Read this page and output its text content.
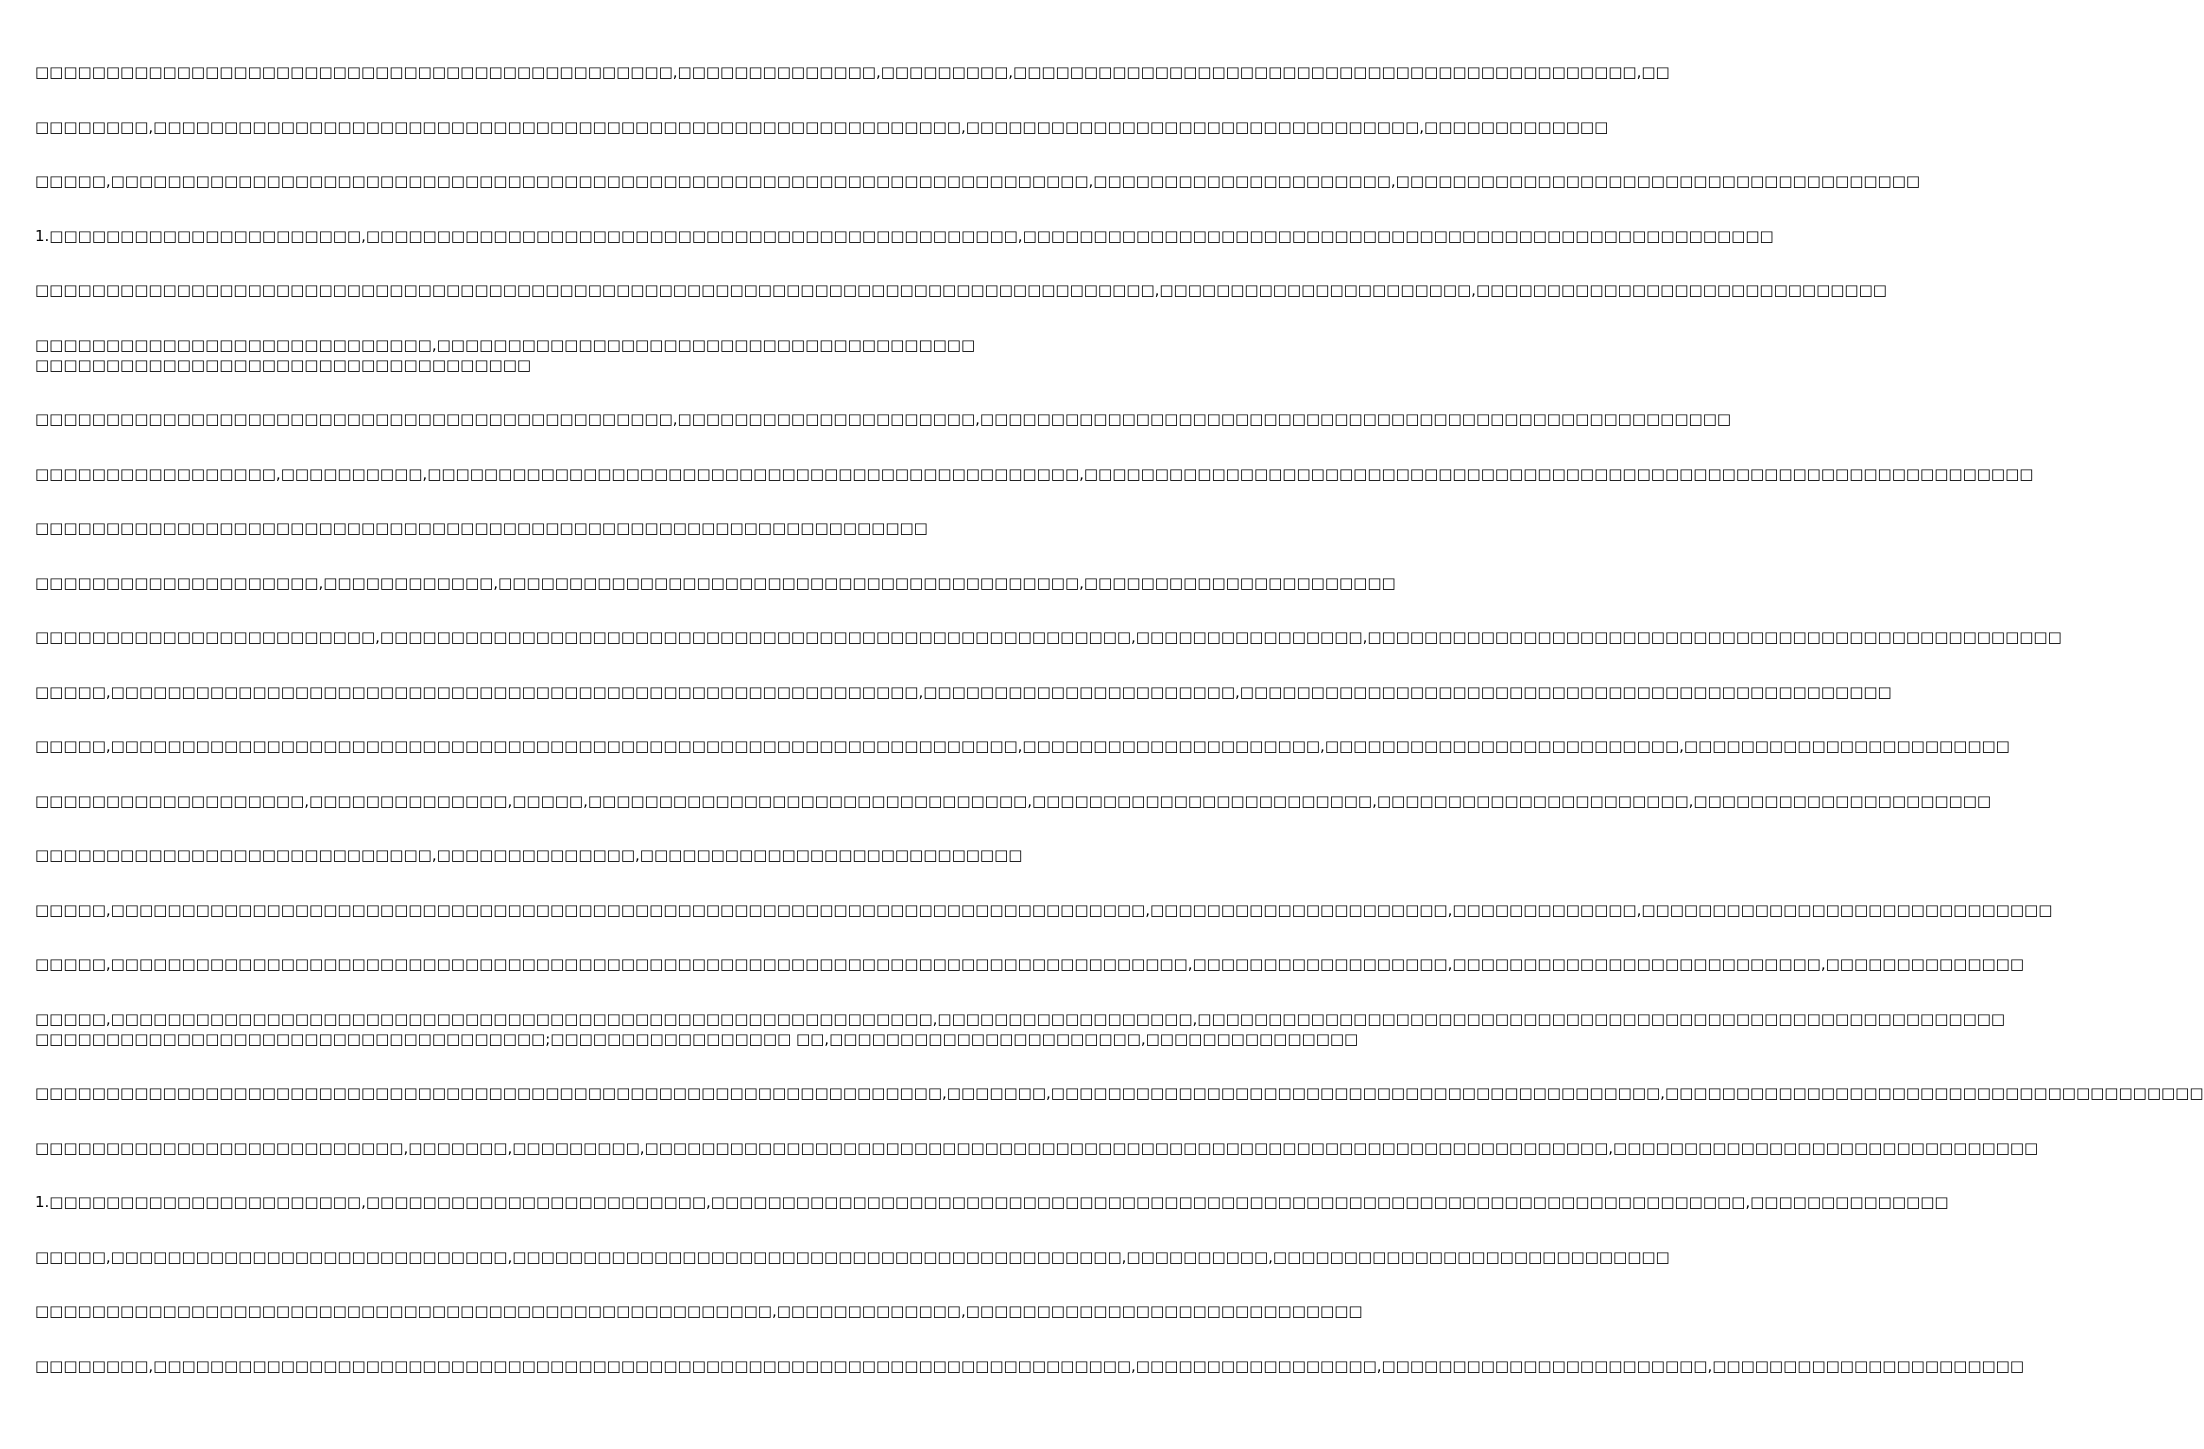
□□□□□□□□□□□□□□□□□□□□□□□□□□□□□□□□□□□□□□□□□□□□□,□□□□□□□□□□□□□□,□□□□□□□□□,□□□□□□□□□□□□□□□□□□□□□□□□□□□□□□□□□□□□□□□□□□□□,□□

□□□□□□□□,□□□□□□□□□□□□□□□□□□□□□□□□□□□□□□□□□□□□□□□□□□□□□□□□□□□□□□□□□,□□□□□□□□□□□□□□□□□□□□□□□□□□□□□□□□,□□□□□□□□□□□□□

□□□□□,□□□□□□□□□□□□□□□□□□□□□□□□□□□□□□□□□□□□□□□□□□□□□□□□□□□□□□□□□□□□□□□□□□□□□,□□□□□□□□□□□□□□□□□□□□□,□□□□□□□□□□□□□□□□□□□□□□□□□□□□□□□□□□□□□

1.□□□□□□□□□□□□□□□□□□□□□□,□□□□□□□□□□□□□□□□□□□□□□□□□□□□□□□□□□□□□□□□□□□□□□,□□□□□□□□□□□□□□□□□□□□□□□□□□□□□□□□□□□□□□□□□□□□□□□□□□□□□

□□□□□□□□□□□□□□□□□□□□□□□□□□□□□□□□□□□□□□□□□□□□□□□□□□□□□□□□□□□□□□□□□□□□□□□□□□□□□□□,□□□□□□□□□□□□□□□□□□□□□□,□□□□□□□□□□□□□□□□□□□□□□□□□□□□□

□□□□□□□□□□□□□□□□□□□□□□□□□□□□,□□□□□□□□□□□□□□□□□□□□□□□□□□□□□□□□□□□□□□□□□□□□□□□□□□□□□□□□□□□□□□□□□□□□□□□□□

□□□□□□□□□□□□□□□□□□□□□□□□□□□□□□□□□□□□□□□□□□□□□,□□□□□□□□□□□□□□□□□□□□□,□□□□□□□□□□□□□□□□□□□□□□□□□□□□□□□□□□□□□□□□□□□□□□□□□□□□□

□□□□□□□□□□□□□□□□□,□□□□□□□□□□,□□□□□□□□□□□□□□□□□□□□□□□□□□□□□□□□□□□□□□□□□□□□□□,□□□□□□□□□□□□□□□□□□□□□□□□□□□□□□□□□□□□□□□□□□□□□□□□□□□□□□□□□□□□□□□□□□□

□□□□□□□□□□□□□□□□□□□□□□□□□□□□□□□□□□□□□□□□□□□□□□□□□□□□□□□□□□□□□□□

□□□□□□□□□□□□□□□□□□□□,□□□□□□□□□□□□,□□□□□□□□□□□□□□□□□□□□□□□□□□□□□□□□□□□□□□□□□,□□□□□□□□□□□□□□□□□□□□□□

□□□□□□□□□□□□□□□□□□□□□□□□,□□□□□□□□□□□□□□□□□□□□□□□□□□□□□□□□□□□□□□□□□□□□□□□□□□□□□,□□□□□□□□□□□□□□□□,□□□□□□□□□□□□□□□□□□□□□□□□□□□□□□□□□□□□□□□□□□□□□□□□□

□□□□□,□□□□□□□□□□□□□□□□□□□□□□□□□□□□□□□□□□□□□□□□□□□□□□□□□□□□□□□□□,□□□□□□□□□□□□□□□□□□□□□□,□□□□□□□□□□□□□□□□□□□□□□□□□□□□□□□□□□□□□□□□□□□□□□

□□□□□,□□□□□□□□□□□□□□□□□□□□□□□□□□□□□□□□□□□□□□□□□□□□□□□□□□□□□□□□□□□□□□□□,□□□□□□□□□□□□□□□□□□□□□,□□□□□□□□□□□□□□□□□□□□□□□□□,□□□□□□□□□□□□□□□□□□□□□□□

□□□□□□□□□□□□□□□□□□□,□□□□□□□□□□□□□□,□□□□□,□□□□□□□□□□□□□□□□□□□□□□□□□□□□□□□,□□□□□□□□□□□□□□□□□□□□□□□□,□□□□□□□□□□□□□□□□□□□□□□,□□□□□□□□□□□□□□□□□□□□□

□□□□□□□□□□□□□□□□□□□□□□□□□□□□,□□□□□□□□□□□□□□,□□□□□□□□□□□□□□□□□□□□□□□□□□□

□□□□□,□□□□□□□□□□□□□□□□□□□□□□□□□□□□□□□□□□□□□□□□□□□□□□□□□□□□□□□□□□□□□□□□□□□□□□□□□,□□□□□□□□□□□□□□□□□□□□□,□□□□□□□□□□□□□,□□□□□□□□□□□□□□□□□□□□□□□□□□□□□

□□□□□,□□□□□□□□□□□□□□□□□□□□□□□□□□□□□□□□□□□□□□□□□□□□□□□□□□□□□□□□□□□□□□□□□□□□□□□□□□□□,□□□□□□□□□□□□□□□□□□,□□□□□□□□□□□□□□□□□□□□□□□□□□,□□□□□□□□□□□□□□

□□□□□,□□□□□□□□□□□□□□□□□□□□□□□□□□□□□□□□□□□□□□□□□□□□□□□□□□□□□□□□□□,□□□□□□□□□□□□□□□□□□,□□□□□□□□□□□□□□□□□□□□□□□□□□□□□□□□□□□□□□□□□□□□□□□□□□□□□□□□□
□□□□□□□□□□□□□□□□□□□□□□□□□□□□□□□□□□□□;□□□□□□□□□□□□□□□□□ □□,□□□□□□□□□□□□□□□□□□□□□□,□□□□□□□□□□□□□□□

□□□□□□□□□□□□□□□□□□□□□□□□□□□□□□□□□□□□□□□□□□□□□□□□□□□□□□□□□□□□□□□□,□□□□□□□,□□□□□□□□□□□□□□□□□□□□□□□□□□□□□□□□□□□□□□□□□□□,□□□□□□□□□□□□□□□□□□□□□□□□□□□□□□□□□□□□□□

□□□□□□□□□□□□□□□□□□□□□□□□□□,□□□□□□□,□□□□□□□□□,□□□□□□□□□□□□□□□□□□□□□□□□□□□□□□□□□□□□□□□□□□□□□□□□□□□□□□□□□□□□□□□□□□□□,□□□□□□□□□□□□□□□□□□□□□□□□□□□□□□

1.□□□□□□□□□□□□□□□□□□□□□□,□□□□□□□□□□□□□□□□□□□□□□□□,□□□□□□□□□□□□□□□□□□□□□□□□□□□□□□□□□□□□□□□□□□□□□□□□□□□□□□□□□□□□□□□□□□□□□□□□□,□□□□□□□□□□□□□□

□□□□□,□□□□□□□□□□□□□□□□□□□□□□□□□□□□,□□□□□□□□□□□□□□□□□□□□□□□□□□□□□□□□□□□□□□□□□□□,□□□□□□□□□□,□□□□□□□□□□□□□□□□□□□□□□□□□□□□

□□□□□□□□□□□□□□□□□□□□□□□□□□□□□□□□□□□□□□□□□□□□□□□□□□□□,□□□□□□□□□□□□□,□□□□□□□□□□□□□□□□□□□□□□□□□□□□

□□□□□□□□,□□□□□□□□□□□□□□□□□□□□□□□□□□□□□□□□□□□□□□□□□□□□□□□□□□□□□□□□□□□□□□□□□□□□□,□□□□□□□□□□□□□□□□□,□□□□□□□□□□□□□□□□□□□□□□□,□□□□□□□□□□□□□□□□□□□□□□
